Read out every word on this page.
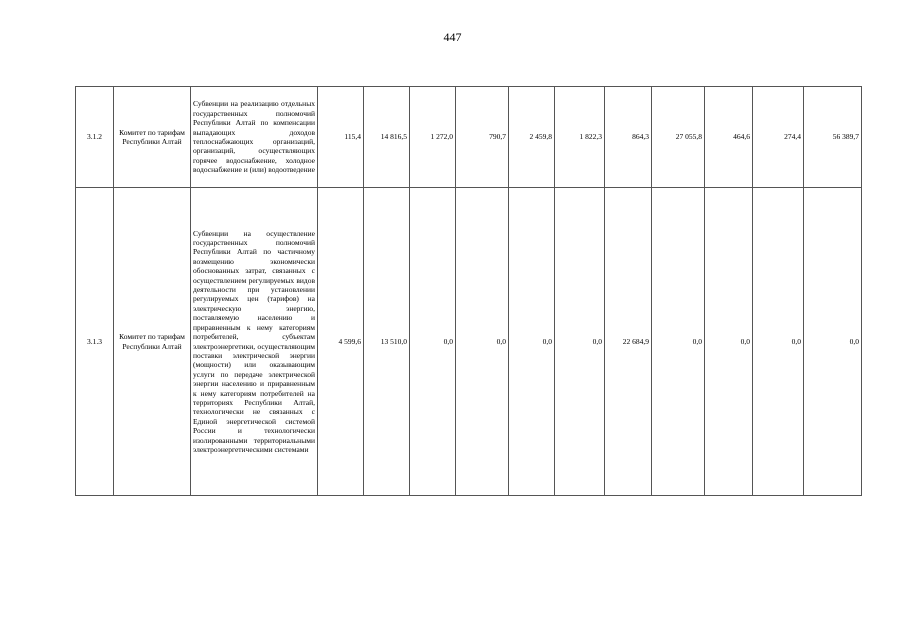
447
3.1.2	Комитет по тарифам Республики Алтай	Субвенции на реализацию отдельных государственных полномочий Республики Алтай по компенсации выпадающих доходов теплоснабжающих организаций, организаций, осуществляющих горячее водоснабжение, холодное водоснабжение и (или) водоотведение	115,4	14 816,5	1 272,0	790,7	2 459,8	1 822,3	864,3	27 055,8	464,6	274,4	56 389,7
3.1.3	Комитет по тарифам Республики Алтай	Субвенции на осуществление государственных полномочий Республики Алтай по частичному возмещению экономически обоснованных затрат, связанных с осуществлением регулируемых видов деятельности при установлении регулируемых цен (тарифов) на электрическую энергию, поставляемую населению и приравненным к нему категориям потребителей, субъектам электроэнергетики, осуществляющим поставки электрической энергии (мощности) или оказывающим услуги по передаче электрической энергии населению и приравненным к нему категориям потребителей на территориях Республики Алтай, технологически не связанных с Единой энергетической системой России и технологически изолированными территориальными электроэнергетическими системами	4 599,6	13 510,0	0,0	0,0	0,0	0,0	22 684,9	0,0	0,0	0,0	0,0
